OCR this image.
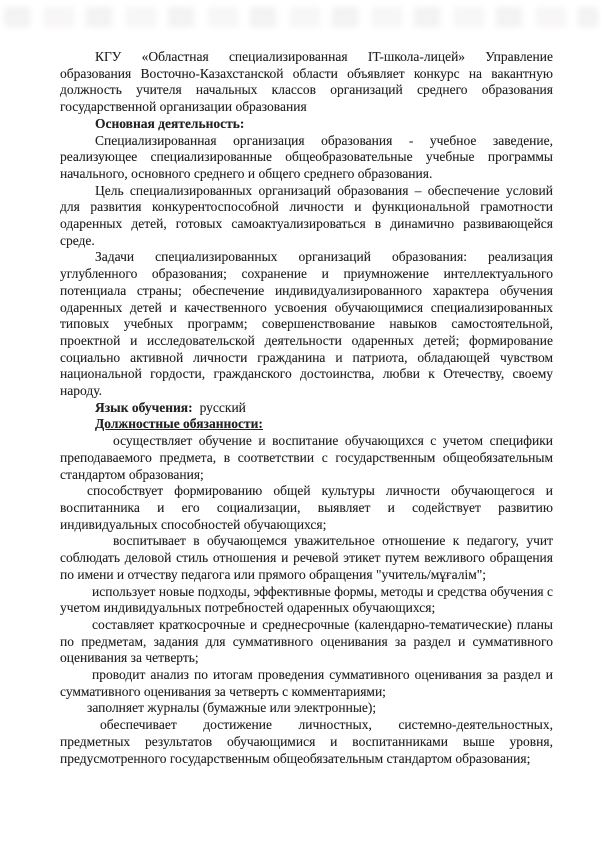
КГУ «Областная специализированная IT-школа-лицей» Управление образования Восточно-Казахстанской области объявляет конкурс на вакантную должность учителя начальных классов организаций среднего образования государственной организации образования

Основная деятельность:

Специализированная организация образования - учебное заведение, реализующее специализированные общеобразовательные учебные программы начального, основного среднего и общего среднего образования.

Цель специализированных организаций образования – обеспечение условий для развития конкурентоспособной личности и функциональной грамотности одаренных детей, готовых самоактуализироваться в динамично развивающейся среде.

Задачи специализированных организаций образования: реализация углубленного образования; сохранение и приумножение интеллектуального потенциала страны; обеспечение индивидуализированного характера обучения одаренных детей и качественного усвоения обучающимися специализированных типовых учебных программ; совершенствование навыков самостоятельной, проектной и исследовательской деятельности одаренных детей; формирование социально активной личности гражданина и патриота, обладающей чувством национальной гордости, гражданского достоинства, любви к Отечеству, своему народу.

Язык обучения: русский

Должностные обязанности:

осуществляет обучение и воспитание обучающихся с учетом специфики преподаваемого предмета, в соответствии с государственным общеобязательным стандартом образования;

способствует формированию общей культуры личности обучающегося и воспитанника и его социализации, выявляет и содействует развитию индивидуальных способностей обучающихся;

воспитывает в обучающемся уважительное отношение к педагогу, учит соблюдать деловой стиль отношения и речевой этикет путем вежливого обращения по имени и отчеству педагога или прямого обращения "учитель/мұғалім";

использует новые подходы, эффективные формы, методы и средства обучения с учетом индивидуальных потребностей одаренных обучающихся;

составляет краткосрочные и среднесрочные (календарно-тематические) планы по предметам, задания для суммативного оценивания за раздел и суммативного оценивания за четверть;

проводит анализ по итогам проведения суммативного оценивания за раздел и суммативного оценивания за четверть с комментариями;

заполняет журналы (бумажные или электронные);

обеспечивает достижение личностных, системно-деятельностных, предметных результатов обучающимися и воспитанниками выше уровня, предусмотренного государственным общеобязательным стандартом образования;
